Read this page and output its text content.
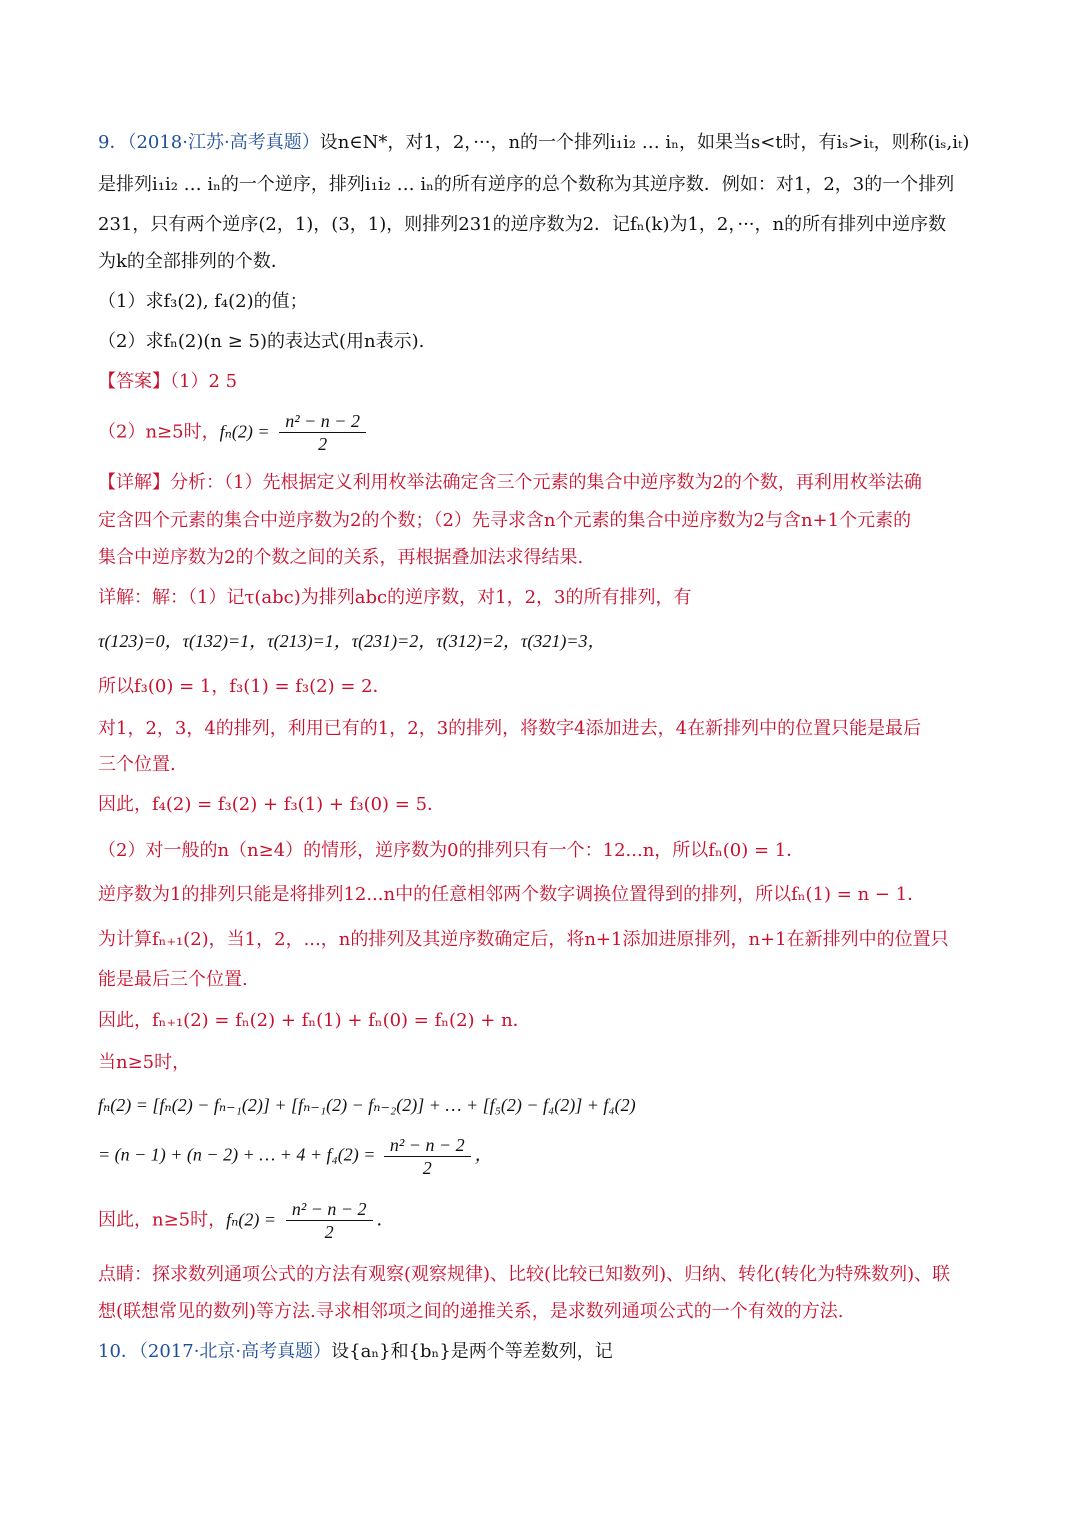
9．（2018·江苏·高考真题）设n∈N*，对1，2，···，n的一个排列i₁i₂ … iₙ，如果当s<t时，有iₛ>iₜ，则称(iₛ,iₜ)
是排列i₁i₂ … iₙ的一个逆序，排列i₁i₂ … iₙ的所有逆序的总个数称为其逆序数．例如：对1，2，3的一个排列
231，只有两个逆序(2，1)，(3，1)，则排列231的逆序数为2．记fₙ(k)为1，2，···，n的所有排列中逆序数
为k的全部排列的个数．
（1）求f₃(2), f₄(2)的值；
（2）求fₙ(2)(n ≥ 5)的表达式(用n表示).
【答案】（1）2 5
（2）n≥5时，$f_n(2) = \frac{\text{n² − n − 2}}{2}$
【详解】分析：（1）先根据定义利用枚举法确定含三个元素的集合中逆序数为2的个数，再利用枚举法确
定含四个元素的集合中逆序数为2的个数；（2）先寻求含n个元素的集合中逆序数为2与含n+1个元素的
集合中逆序数为2的个数之间的关系，再根据叠加法求得结果.
详解：解：（1）记τ(abc)为排列abc的逆序数，对1，2，3的所有排列，有
τ(123)=0，τ(132)=1，τ(213)=1，τ(231)=2，τ(312)=2，τ(321)=3，
所以f₃(0) = 1，f₃(1) = f₃(2) = 2．
对1，2，3，4的排列，利用已有的1，2，3的排列，将数字4添加进去，4在新排列中的位置只能是最后
三个位置.
因此，f₄(2) = f₃(2) + f₃(1) + f₃(0) = 5．
（2）对一般的n（n≥4）的情形，逆序数为0的排列只有一个：12...n，所以fₙ(0) = 1．
逆序数为1的排列只能是将排列12...n中的任意相邻两个数字调换位置得到的排列，所以fₙ(1) = n − 1．
为计算fₙ₊₁(2)，当1，2，...，n的排列及其逆序数确定后，将n+1添加进原排列，n+1在新排列中的位置只
能是最后三个位置.
因此，fₙ₊₁(2) = fₙ(2) + fₙ(1) + fₙ(0) = fₙ(2) + n．
当n≥5时，
fₙ(2) = [fₙ(2) − fₙ₋₁(2)] + [fₙ₋₁(2) − fₙ₋₂(2)] + … + [f₅(2) − f₄(2)] + f₄(2)
= (n − 1) + (n − 2) + … + $4 + f_4(2) = \frac{\text{n² − n − 2}}{2}$ ，
因此，n≥5时，$f_n(2) = \frac{\text{n² − n − 2}}{2}$ ．
点睛：探求数列通项公式的方法有观察(观察规律)、比较(比较已知数列)、归纳、转化(转化为特殊数列)、联
想(联想常见的数列)等方法.寻求相邻项之间的递推关系，是求数列通项公式的一个有效的方法.
10．（2017·北京·高考真题）设{aₙ}和{bₙ}是两个等差数列，记
